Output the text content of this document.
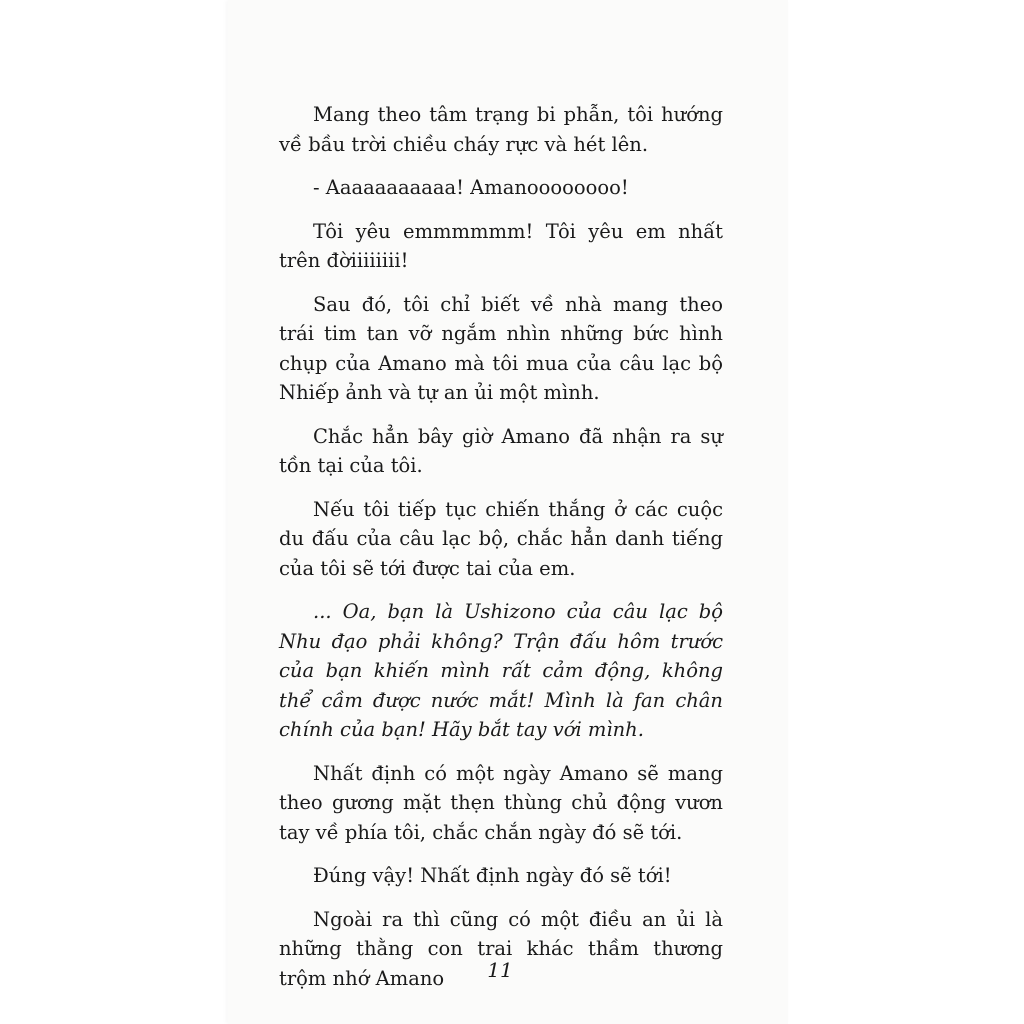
Mang theo tâm trạng bi phẫn, tôi hướng về bầu trời chiều cháy rực và hét lên.

- Aaaaaaaaaaa! Amanoooooooo!

Tôi yêu emmmmmm! Tôi yêu em nhất trên đờiiiiiiii!

Sau đó, tôi chỉ biết về nhà mang theo trái tim tan vỡ ngắm nhìn những bức hình chụp của Amano mà tôi mua của câu lạc bộ Nhiếp ảnh và tự an ủi một mình.

Chắc hẳn bây giờ Amano đã nhận ra sự tồn tại của tôi.

Nếu tôi tiếp tục chiến thắng ở các cuộc du đấu của câu lạc bộ, chắc hẳn danh tiếng của tôi sẽ tới được tai của em.

... Oa, bạn là Ushizono của câu lạc bộ Nhu đạo phải không? Trận đấu hôm trước của bạn khiến mình rất cảm động, không thể cầm được nước mắt! Mình là fan chân chính của bạn! Hãy bắt tay với mình.

Nhất định có một ngày Amano sẽ mang theo gương mặt thẹn thùng chủ động vươn tay về phía tôi, chắc chắn ngày đó sẽ tới.

Đúng vậy! Nhất định ngày đó sẽ tới!

Ngoài ra thì cũng có một điều an ủi là những thằng con trai khác thầm thương trộm nhớ Amano	11
